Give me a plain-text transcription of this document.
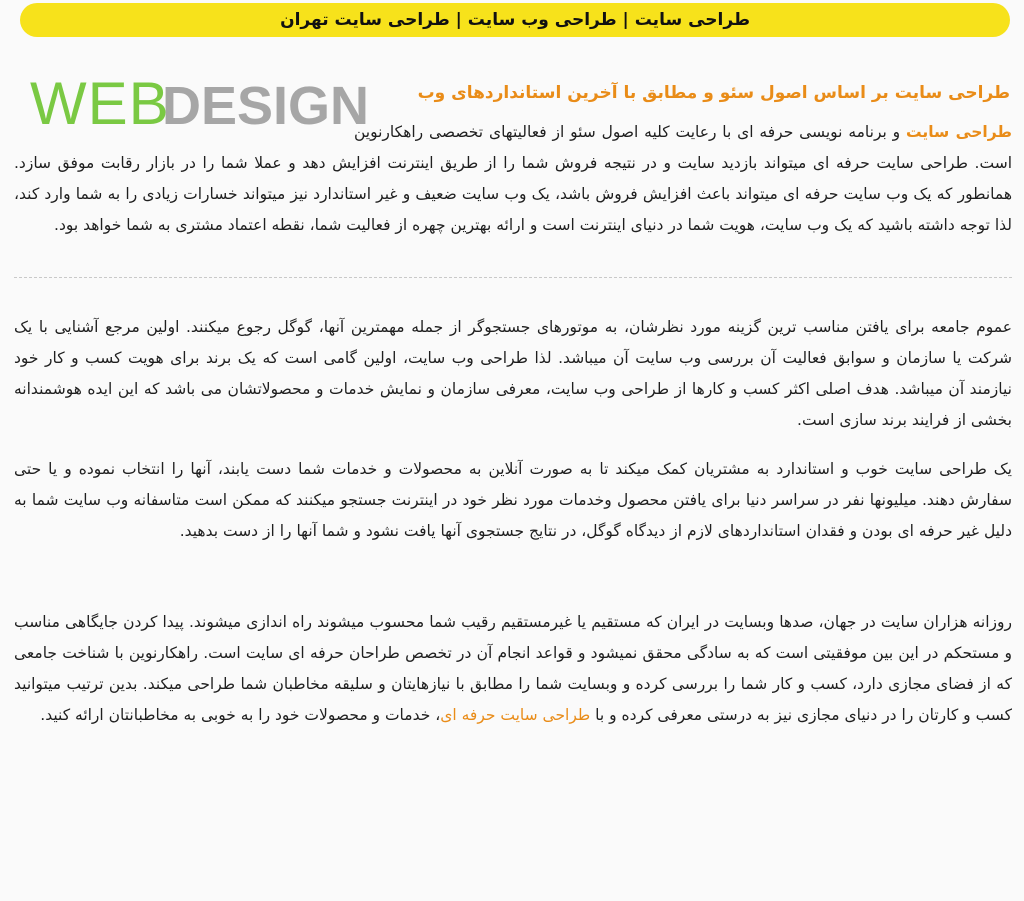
طراحی سایت | طراحی وب سایت | طراحی سایت تهران
WEB
DESIGN	طراحی سایت بر اساس اصول سئو و مطابق با آخرین استانداردهای وب

طراحی سایت و برنامه نویسی حرفه ای با رعایت کلیه اصول سئو از فعالیتهای تخصصی راهکارنوین است. طراحی سایت حرفه ای میتواند بازدید سایت و در نتیجه فروش شما را از طریق اینترنت افزایش دهد و عملا شما را در بازار رقابت موفق سازد. همانطور که یک وب سایت حرفه ای میتواند باعث افزایش فروش باشد، یک وب سایت ضعیف و غیر استاندارد نیز میتواند خسارات زیادی را به شما وارد کند، لذا توجه داشته باشید که یک وب سایت، هویت شما در دنیای اینترنت است و ارائه بهترین چهره از فعالیت شما، نقطه اعتماد مشتری به شما خواهد بود.

عموم جامعه برای یافتن مناسب ترین گزینه مورد نظرشان، به موتورهای جستجوگر از جمله مهمترین آنها، گوگل رجوع میکنند. اولین مرجع آشنایی با یک شرکت یا سازمان و سوابق فعالیت آن بررسی وب سایت آن میباشد. لذا طراحی وب سایت، اولین گامی است که یک برند برای هویت کسب و کار خود نیازمند آن میباشد. هدف اصلی اکثر کسب و کارها از طراحی وب سایت، معرفی سازمان و نمایش خدمات و محصولاتشان می باشد که این ایده هوشمندانه بخشی از فرایند برند سازی است.

یک طراحی سایت خوب و استاندارد به مشتریان کمک میکند تا به صورت آنلاین به محصولات و خدمات شما دست یابند، آنها را انتخاب نموده و یا حتی سفارش دهند. میلیونها نفر در سراسر دنیا برای یافتن محصول وخدمات مورد نظر خود در اینترنت جستجو میکنند که ممکن است متاسفانه وب سایت شما به دلیل غیر حرفه ای بودن و فقدان استانداردهای لازم از دیدگاه گوگل، در نتایج جستجوی آنها یافت نشود و شما آنها را از دست بدهید.

روزانه هزاران سایت در جهان، صدها وبسایت در ایران که مستقیم یا غیرمستقیم رقیب شما محسوب میشوند راه اندازی میشوند. پیدا کردن جایگاهی مناسب و مستحکم در این بین موفقیتی است که به سادگی محقق نمیشود و قواعد انجام آن در تخصص طراحان حرفه ای سایت است. راهکارنوین با شناخت جامعی که از فضای مجازی دارد، کسب و کار شما را بررسی کرده و وبسایت شما را مطابق با نیازهایتان و سلیقه مخاطبان شما طراحی میکند. بدین ترتیب میتوانید کسب و کارتان را در دنیای مجازی نیز به درستی معرفی کرده و با طراحی سایت حرفه ای، خدمات و محصولات خود را به خوبی به مخاطبانتان ارائه کنید.
